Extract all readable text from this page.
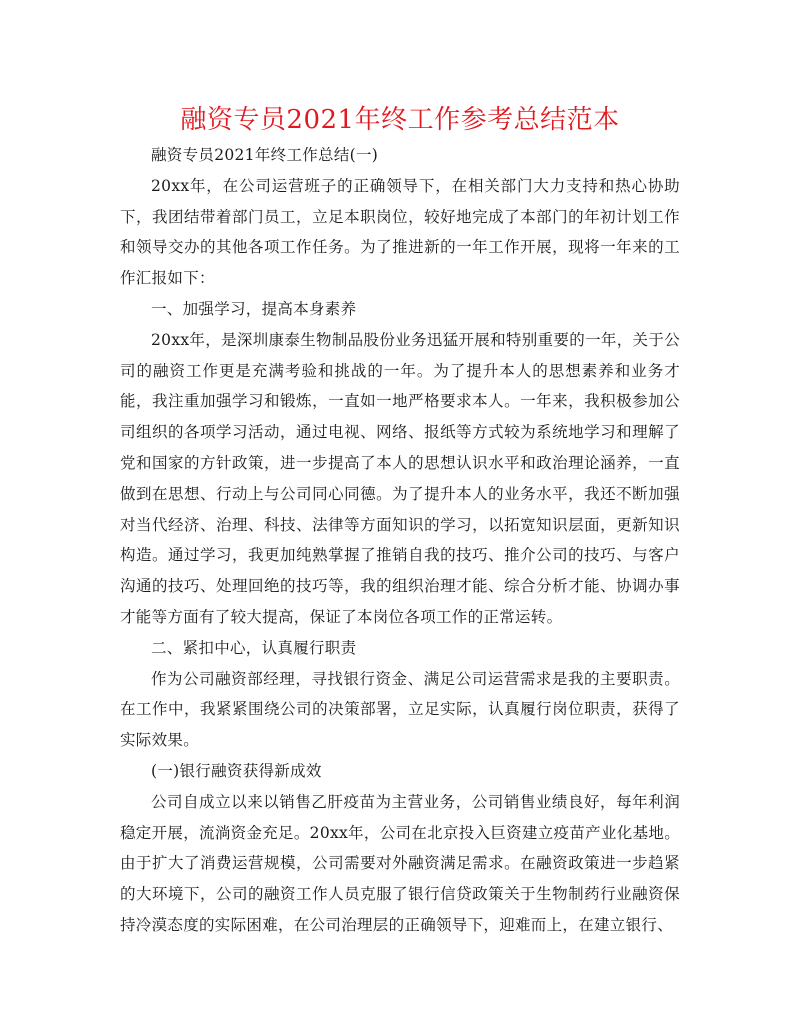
融资专员2021年终工作参考总结范本

融资专员2021年终工作总结(一)

20xx年，在公司运营班子的正确领导下，在相关部门大力支持和热心协助下，我团结带着部门员工，立足本职岗位，较好地完成了本部门的年初计划工作和领导交办的其他各项工作任务。为了推进新的一年工作开展，现将一年来的工作汇报如下：

一、加强学习，提高本身素养

20xx年，是深圳康泰生物制品股份业务迅猛开展和特别重要的一年，关于公司的融资工作更是充满考验和挑战的一年。为了提升本人的思想素养和业务才能，我注重加强学习和锻炼，一直如一地严格要求本人。一年来，我积极参加公司组织的各项学习活动，通过电视、网络、报纸等方式较为系统地学习和理解了党和国家的方针政策，进一步提高了本人的思想认识水平和政治理论涵养，一直做到在思想、行动上与公司同心同德。为了提升本人的业务水平，我还不断加强对当代经济、治理、科技、法律等方面知识的学习，以拓宽知识层面，更新知识构造。通过学习，我更加纯熟掌握了推销自我的技巧、推介公司的技巧、与客户沟通的技巧、处理回绝的技巧等，我的组织治理才能、综合分析才能、协调办事才能等方面有了较大提高，保证了本岗位各项工作的正常运转。

二、紧扣中心，认真履行职责

作为公司融资部经理，寻找银行资金、满足公司运营需求是我的主要职责。在工作中，我紧紧围绕公司的决策部署，立足实际，认真履行岗位职责，获得了实际效果。

(一)银行融资获得新成效

公司自成立以来以销售乙肝疫苗为主营业务，公司销售业绩良好，每年利润稳定开展，流淌资金充足。20xx年，公司在北京投入巨资建立疫苗产业化基地。由于扩大了消费运营规模，公司需要对外融资满足需求。在融资政策进一步趋紧的大环境下，公司的融资工作人员克服了银行信贷政策关于生物制药行业融资保持冷漠态度的实际困难，在公司治理层的正确领导下，迎难而上，在建立银行、
